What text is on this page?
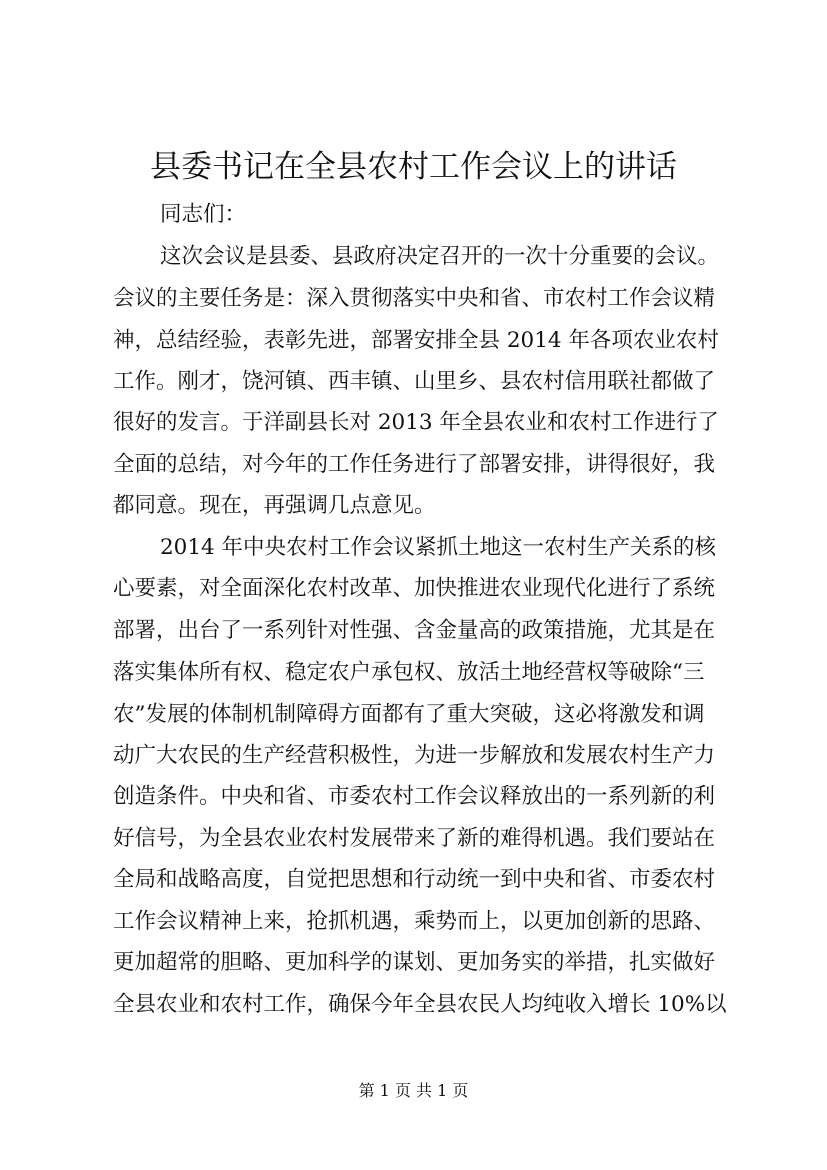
县委书记在全县农村工作会议上的讲话
同志们：
这次会议是县委、县政府决定召开的一次十分重要的会议。
会议的主要任务是：深入贯彻落实中央和省、市农村工作会议精
神，总结经验，表彰先进，部署安排全县 2014 年各项农业农村
工作。刚才，饶河镇、西丰镇、山里乡、县农村信用联社都做了
很好的发言。于洋副县长对 2013 年全县农业和农村工作进行了
全面的总结，对今年的工作任务进行了部署安排，讲得很好，我
都同意。现在，再强调几点意见。
2014 年中央农村工作会议紧抓土地这一农村生产关系的核
心要素，对全面深化农村改革、加快推进农业现代化进行了系统
部署，出台了一系列针对性强、含金量高的政策措施，尤其是在
落实集体所有权、稳定农户承包权、放活土地经营权等破除“三
农”发展的体制机制障碍方面都有了重大突破，这必将激发和调
动广大农民的生产经营积极性，为进一步解放和发展农村生产力
创造条件。中央和省、市委农村工作会议释放出的一系列新的利
好信号，为全县农业农村发展带来了新的难得机遇。我们要站在
全局和战略高度，自觉把思想和行动统一到中央和省、市委农村
工作会议精神上来，抢抓机遇，乘势而上，以更加创新的思路、
更加超常的胆略、更加科学的谋划、更加务实的举措，扎实做好
全县农业和农村工作，确保今年全县农民人均纯收入增长 10%以
第 1 页 共 1 页
